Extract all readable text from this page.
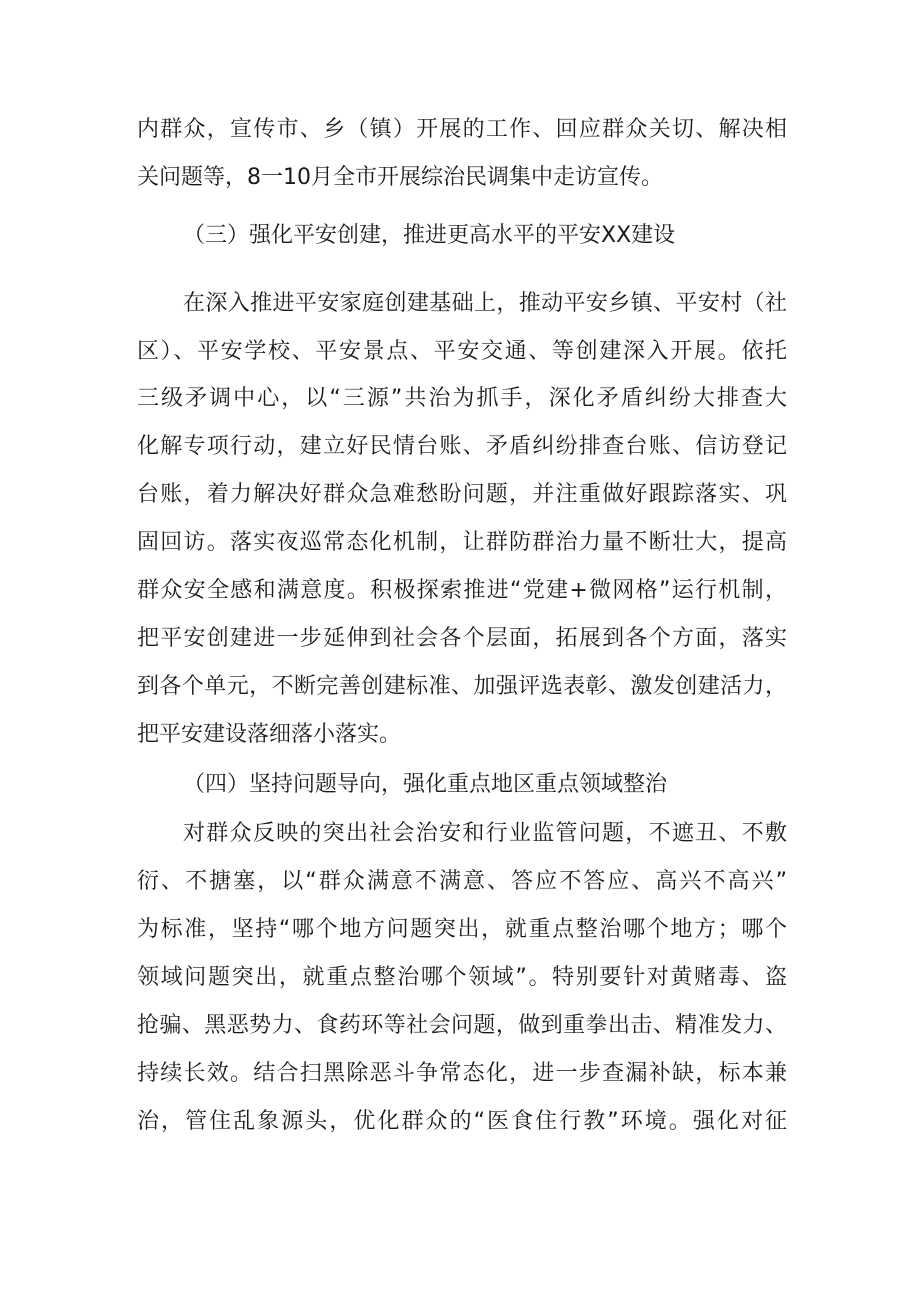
内群众，宣传市、乡（镇）开展的工作、回应群众关切、解决相
关问题等，8一10月全市开展综治民调集中走访宣传。
（三）强化平安创建，推进更高水平的平安XX建设
在深入推进平安家庭创建基础上，推动平安乡镇、平安村（社
区）、平安学校、平安景点、平安交通、等创建深入开展。依托
三级矛调中心，以“三源”共治为抓手，深化矛盾纠纷大排查大
化解专项行动，建立好民情台账、矛盾纠纷排查台账、信访登记
台账，着力解决好群众急难愁盼问题，并注重做好跟踪落实、巩
固回访。落实夜巡常态化机制，让群防群治力量不断壮大，提高
群众安全感和满意度。积极探索推进“党建+微网格”运行机制，
把平安创建进一步延伸到社会各个层面，拓展到各个方面，落实
到各个单元，不断完善创建标准、加强评选表彰、激发创建活力，
把平安建设落细落小落实。
（四）坚持问题导向，强化重点地区重点领域整治
对群众反映的突出社会治安和行业监管问题，不遮丑、不敷
衍、不搪塞，以“群众满意不满意、答应不答应、高兴不高兴”
为标准，坚持“哪个地方问题突出，就重点整治哪个地方；哪个
领域问题突出，就重点整治哪个领域”。特别要针对黄赌毒、盗
抢骗、黑恶势力、食药环等社会问题，做到重拳出击、精准发力、
持续长效。结合扫黑除恶斗争常态化，进一步查漏补缺，标本兼
治，管住乱象源头，优化群众的“医食住行教”环境。强化对征
